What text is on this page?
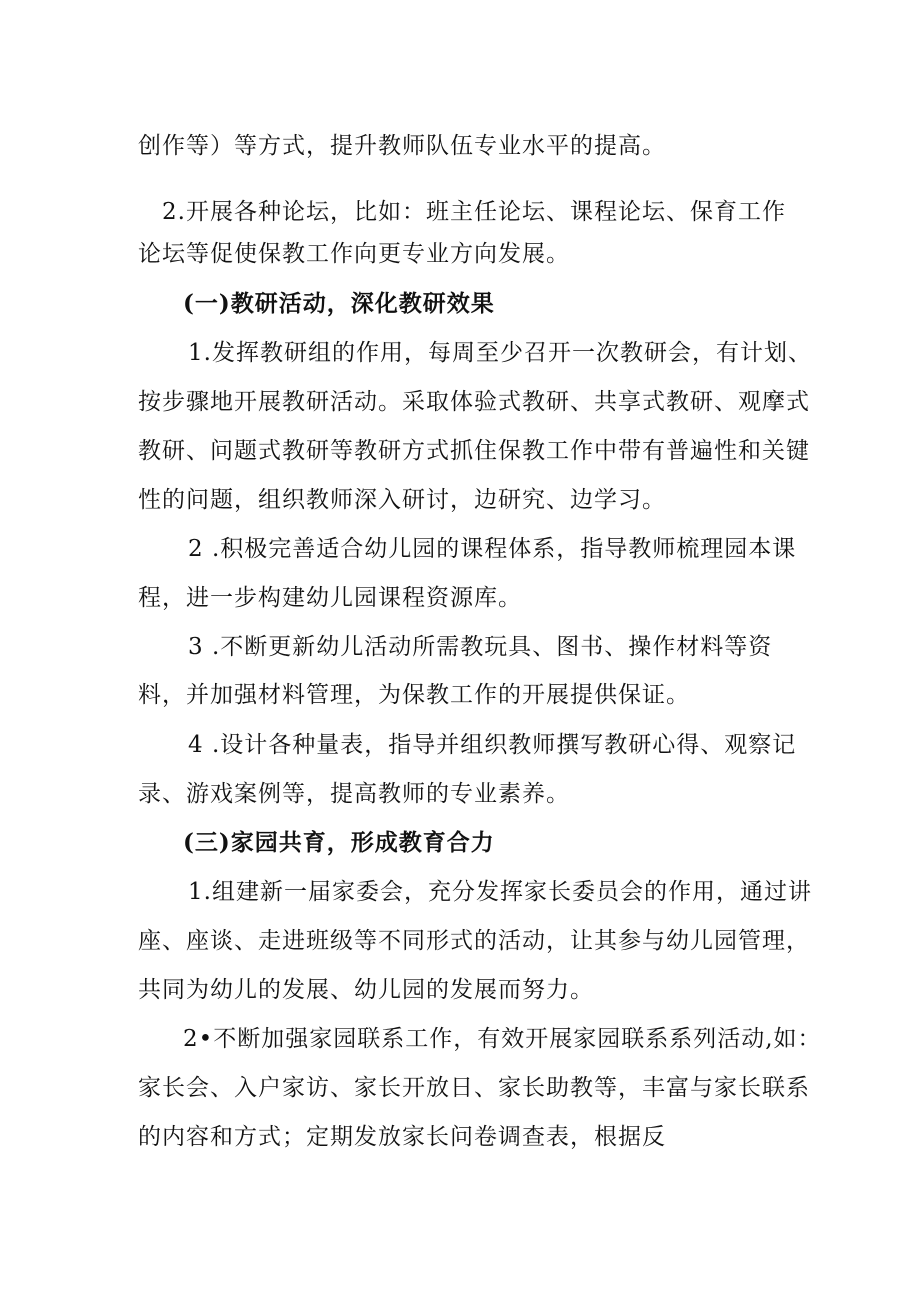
创作等）等方式，提升教师队伍专业水平的提高。
2.开展各种论坛，比如：班主任论坛、课程论坛、保育工作
论坛等促使保教工作向更专业方向发展。
(一)教研活动，深化教研效果
1.发挥教研组的作用，每周至少召开一次教研会，有计划、
按步骤地开展教研活动。采取体验式教研、共享式教研、观摩式
教研、问题式教研等教研方式抓住保教工作中带有普遍性和关键
性的问题，组织教师深入研讨，边研究、边学习。
2 .积极完善适合幼儿园的课程体系，指导教师梳理园本课
程，进一步构建幼儿园课程资源库。
3 .不断更新幼儿活动所需教玩具、图书、操作材料等资
料，并加强材料管理，为保教工作的开展提供保证。
4 .设计各种量表，指导并组织教师撰写教研心得、观察记
录、游戏案例等，提高教师的专业素养。
(三)家园共育，形成教育合力
1.组建新一届家委会，充分发挥家长委员会的作用，通过讲
座、座谈、走进班级等不同形式的活动，让其参与幼儿园管理，
共同为幼儿的发展、幼儿园的发展而努力。
2•不断加强家园联系工作，有效开展家园联系系列活动,如：
家长会、入户家访、家长开放日、家长助教等，丰富与家长联系
的内容和方式；定期发放家长问卷调查表，根据反
